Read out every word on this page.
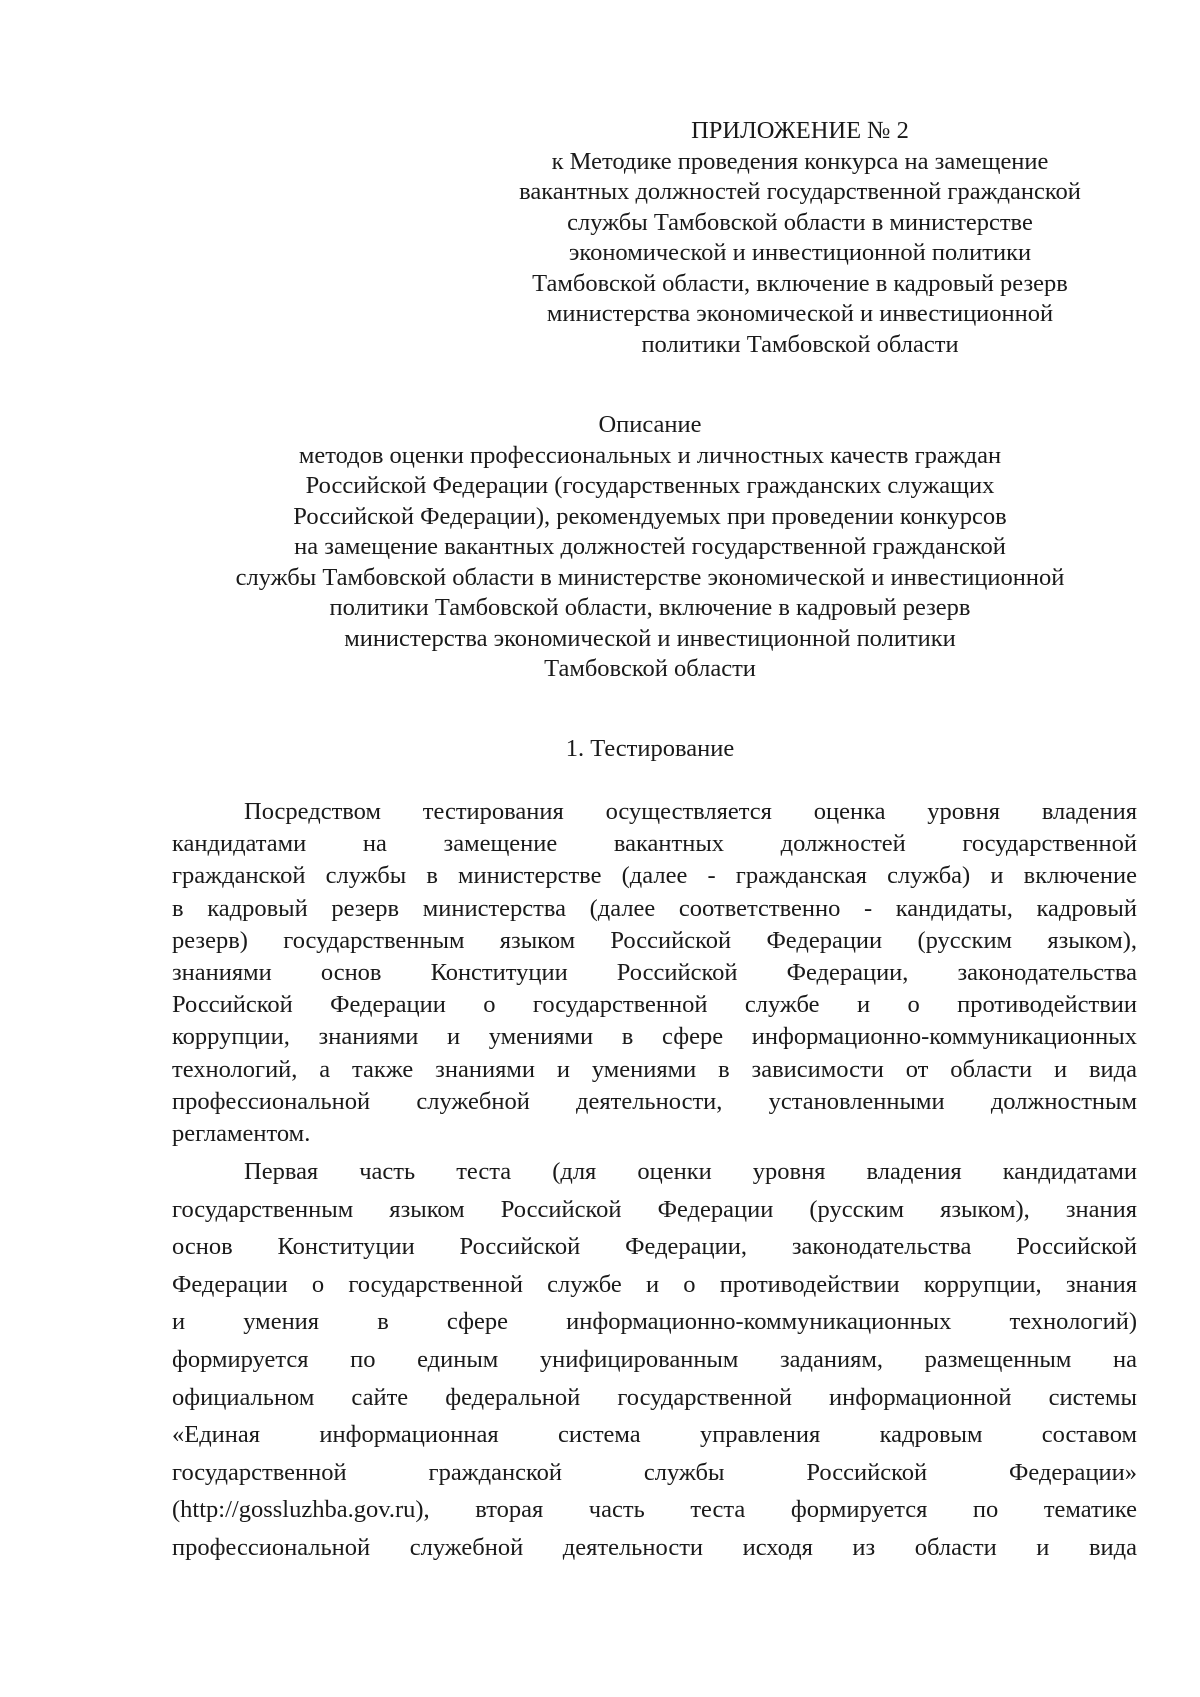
ПРИЛОЖЕНИЕ № 2
к Методике проведения конкурса на замещение
вакантных должностей государственной гражданской
службы Тамбовской области в министерстве
экономической и инвестиционной политики
Тамбовской области, включение в кадровый резерв
министерства экономической и инвестиционной
политики Тамбовской области
Описание
методов оценки профессиональных и личностных качеств граждан
Российской Федерации (государственных гражданских служащих
Российской Федерации), рекомендуемых при проведении конкурсов
на замещение вакантных должностей государственной гражданской
службы Тамбовской области в министерстве экономической и инвестиционной
политики Тамбовской области, включение в кадровый резерв
министерства экономической и инвестиционной политики
Тамбовской области
1. Тестирование
Посредством тестирования осуществляется оценка уровня владения
кандидатами на замещение вакантных должностей государственной
гражданской службы в министерстве (далее - гражданская служба) и включение
в кадровый резерв министерства (далее соответственно - кандидаты, кадровый
резерв) государственным языком Российской Федерации (русским языком),
знаниями основ Конституции Российской Федерации, законодательства
Российской Федерации о государственной службе и о противодействии
коррупции, знаниями и умениями в сфере информационно-коммуникационных
технологий, а также знаниями и умениями в зависимости от области и вида
профессиональной служебной деятельности, установленными должностным
регламентом.
Первая часть теста (для оценки уровня владения кандидатами
государственным языком Российской Федерации (русским языком), знания
основ Конституции Российской Федерации, законодательства Российской
Федерации о государственной службе и о противодействии коррупции, знания
и умения в сфере информационно-коммуникационных технологий)
формируется по единым унифицированным заданиям, размещенным на
официальном сайте федеральной государственной информационной системы
«Единая информационная система управления кадровым составом
государственной гражданской службы Российской Федерации»
(http://gossluzhba.gov.ru), вторая часть теста формируется по тематике
профессиональной служебной деятельности исходя из области и вида
